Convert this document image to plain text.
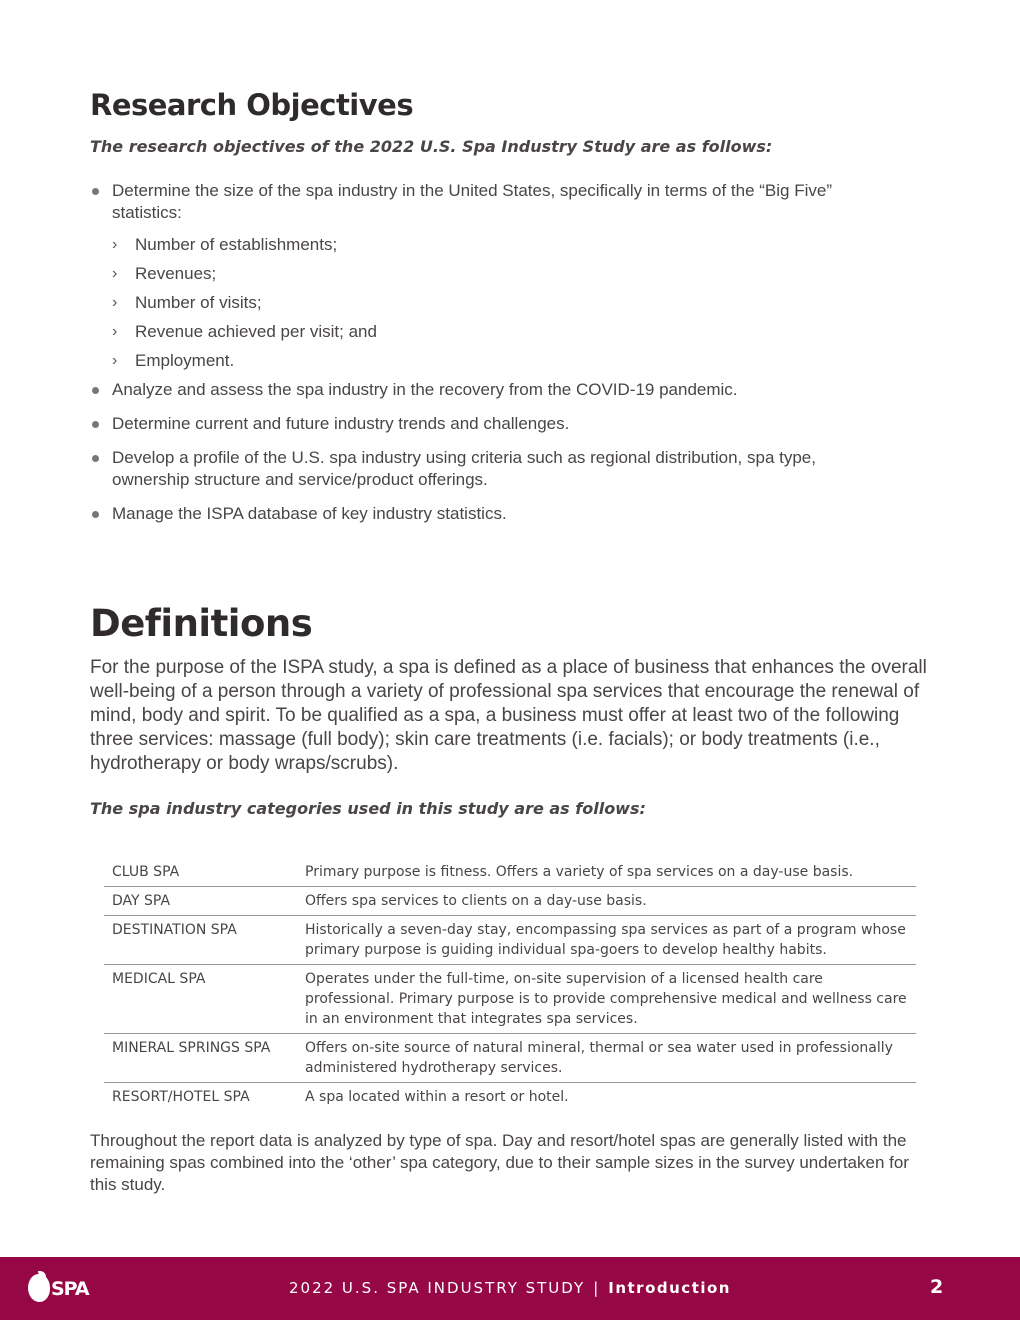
Research Objectives

The research objectives of the 2022 U.S. Spa Industry Study are as follows:

Determine the size of the spa industry in the United States, specifically in terms of the “Big Five” statistics:
› Number of establishments;
› Revenues;
› Number of visits;
› Revenue achieved per visit; and
› Employment.
Analyze and assess the spa industry in the recovery from the COVID-19 pandemic.
Determine current and future industry trends and challenges.
Develop a profile of the U.S. spa industry using criteria such as regional distribution, spa type, ownership structure and service/product offerings.
Manage the ISPA database of key industry statistics.
Definitions

For the purpose of the ISPA study, a spa is defined as a place of business that enhances the overall well-being of a person through a variety of professional spa services that encourage the renewal of mind, body and spirit. To be qualified as a spa, a business must offer at least two of the following three services: massage (full body); skin care treatments (i.e. facials); or body treatments (i.e., hydrotherapy or body wraps/scrubs).

The spa industry categories used in this study are as follows:

CLUB SPA	Primary purpose is fitness. Offers a variety of spa services on a day-use basis.
DAY SPA	Offers spa services to clients on a day-use basis.
DESTINATION SPA	Historically a seven-day stay, encompassing spa services as part of a program whose primary purpose is guiding individual spa-goers to develop healthy habits.
MEDICAL SPA	Operates under the full-time, on-site supervision of a licensed health care professional. Primary purpose is to provide comprehensive medical and wellness care in an environment that integrates spa services.
MINERAL SPRINGS SPA	Offers on-site source of natural mineral, thermal or sea water used in professionally administered hydrotherapy services.
RESORT/HOTEL SPA	A spa located within a resort or hotel.

Throughout the report data is analyzed by type of spa. Day and resort/hotel spas are generally listed with the remaining spas combined into the ‘other’ spa category, due to their sample sizes in the survey undertaken for this study.

SPA	2022 U.S. SPA INDUSTRY STUDY | Introduction	2
